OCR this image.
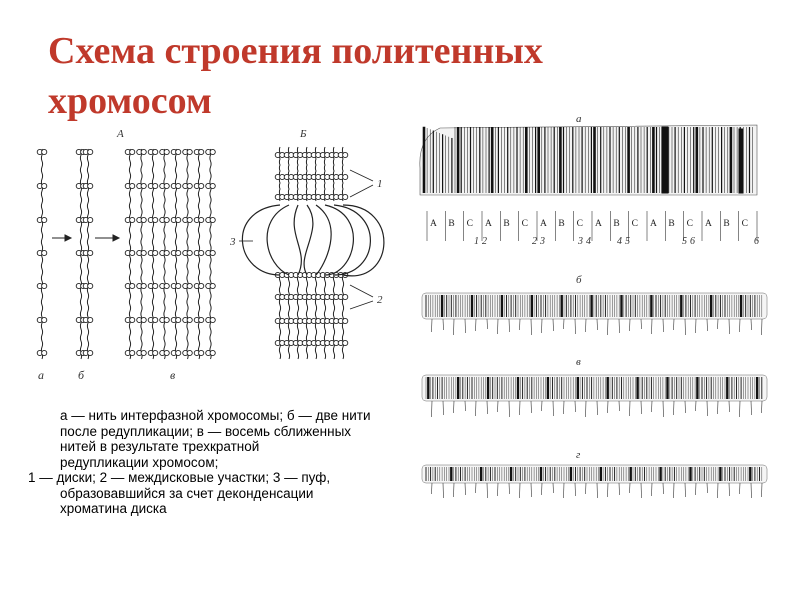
Схема строения политенных
хромосом
А	Б
1
2
3
а	б	в
а
A B C A B C A B C A B C A B C A B C
1 2	2 3	3 4	4 5	5 6	6
б
в
г
а — нить интерфазной хромосомы; б — две нити
после редупликации; в — восемь сближенных
нитей в результате трехкратной
редупликации хромосом;
1 — диски; 2 — междисковые участки; 3 — пуф,
образовавшийся за счет деконденсации
хроматина диска
